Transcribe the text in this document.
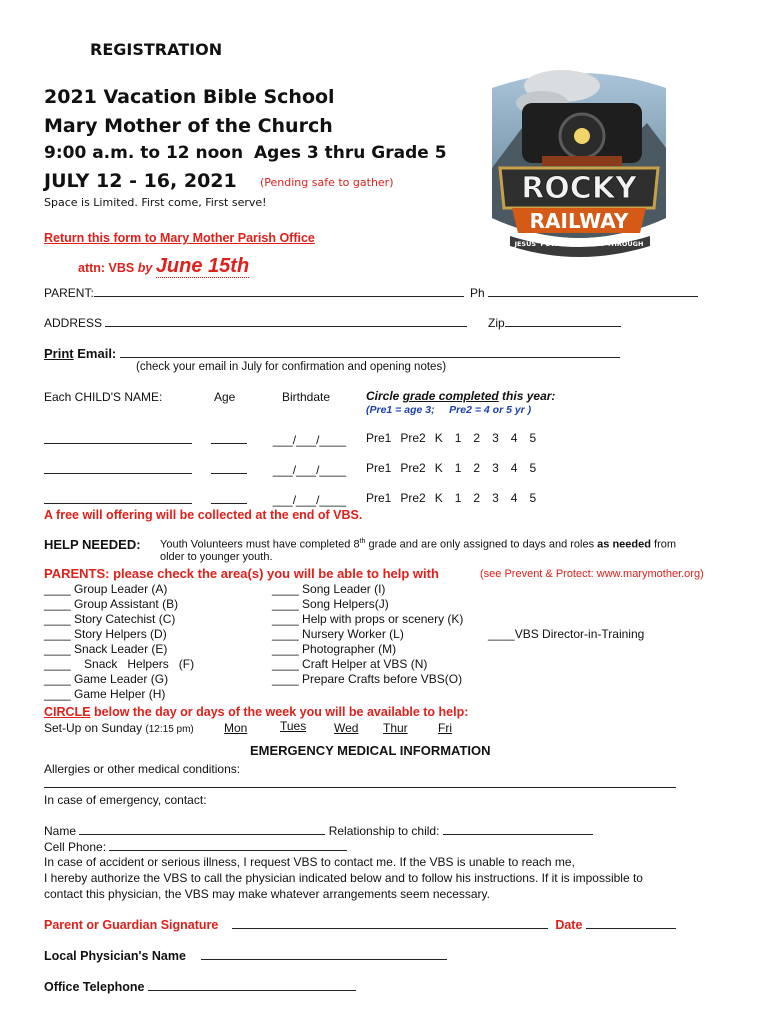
REGISTRATION
2021 Vacation Bible School
Mary Mother of the Church
9:00 a.m. to 12 noon Ages 3 thru Grade 5
JULY 12 - 16, 2021 (Pending safe to gather)
Space is Limited. First come, First serve!	ROCKY
RAILWAY
JESUS' POWER PULLS US THROUGH
Return this form to Mary Mother Parish Office
attn: VBS by June 15th
PARENT:	Ph
ADDRESS	Zip
Print Email:
(check your email in July for confirmation and opening notes)
Each CHILD'S NAME:	Age	Birthdate	Circle grade completed this year:
(Pre1 = age 3;     Pre2 = 4 or 5 yr )
___/___/____ Pre1 Pre2 K 1 2 3 4 5
___/___/____ Pre1 Pre2 K 1 2 3 4 5
___/___/____ Pre1 Pre2 K 1 2 3 4 5
A free will offering will be collected at the end of VBS.
HELP NEEDED: Youth Volunteers must have completed 8th grade and are only assigned to days and roles as needed from
older to younger youth.
PARENTS: please check the area(s) you will be able to help with	(see Prevent & Protect: www.marymother.org)
____ Group Leader (A)
____ Group Assistant (B)
____ Story Catechist (C)
____ Story Helpers (D)
____ Snack Leader (E)
____    Snack   Helpers   (F)
____ Game Leader (G)
____ Game Helper (H)
____ Song Leader (I)
____ Song Helpers(J)
____ Help with props or scenery (K)
____ Nursery Worker (L)
____ Photographer (M)
____ Craft Helper at VBS (N)
____ Prepare Crafts before VBS(O)
____VBS Director-in-Training
CIRCLE below the day or days of the week you will be available to help:
Set-Up on Sunday (12:15 pm)	Mon	Tues Wed Thur	Fri
EMERGENCY MEDICAL INFORMATION
Allergies or other medical conditions:
In case of emergency, contact:
Name	Relationship to child:
Cell Phone:
In case of accident or serious illness, I request VBS to contact me. If the VBS is unable to reach me,
I hereby authorize the VBS to call the physician indicated below and to follow his instructions. If it is impossible to
contact this physician, the VBS may make whatever arrangements seem necessary.
Parent or Guardian Signature	Date
Local Physician's Name
Office Telephone
